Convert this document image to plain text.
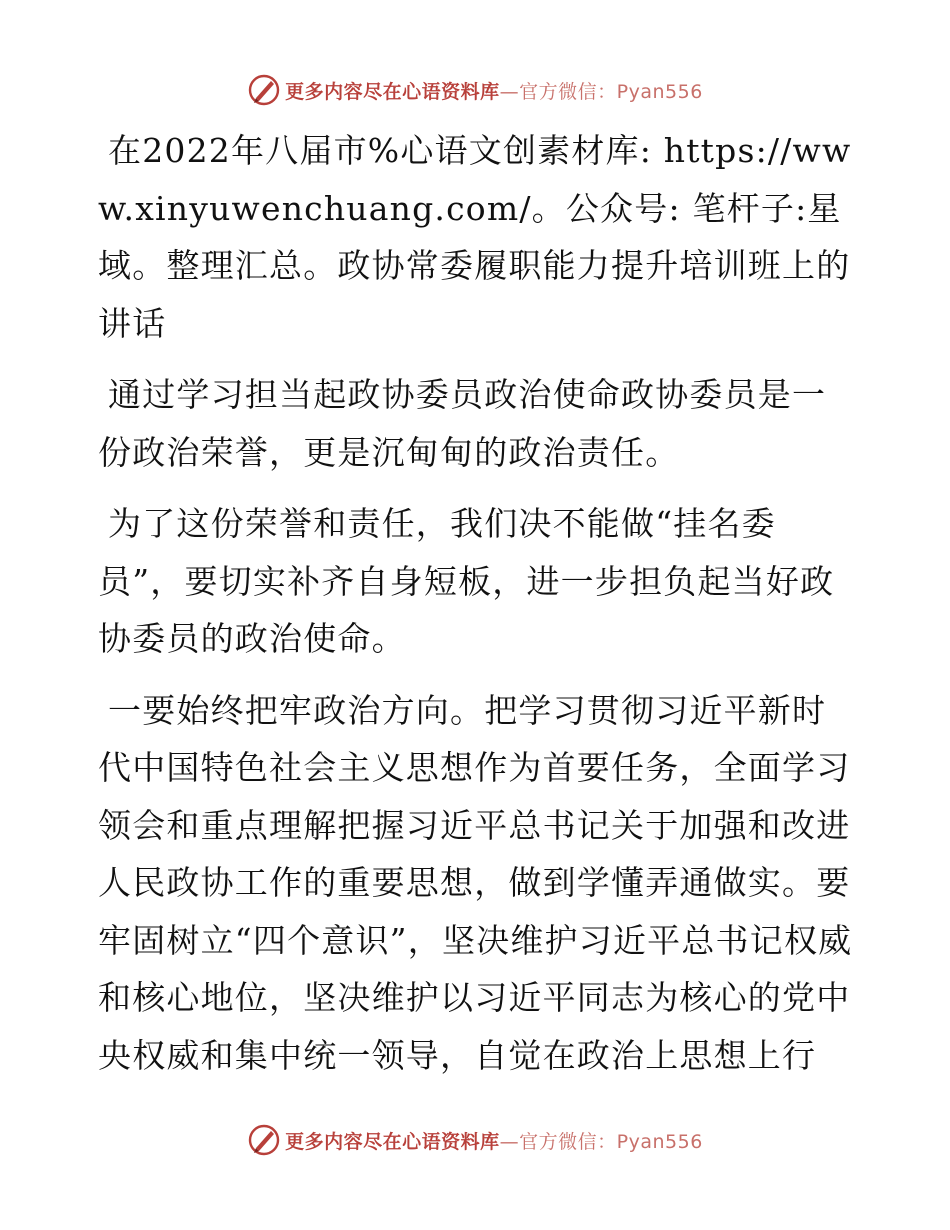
更多内容尽在心语资料库—官方微信：Pyan556

在2022年八届市%心语文创素材库: https://www.xinyuwenchuang.com/。公众号: 笔杆子:星域。整理汇总。政协常委履职能力提升培训班上的讲话

通过学习担当起政协委员政治使命政协委员是一份政治荣誉，更是沉甸甸的政治责任。

为了这份荣誉和责任，我们决不能做“挂名委员”，要切实补齐自身短板，进一步担负起当好政协委员的政治使命。

一要始终把牢政治方向。把学习贯彻习近平新时代中国特色社会主义思想作为首要任务，全面学习领会和重点理解把握习近平总书记关于加强和改进人民政协工作的重要思想，做到学懂弄通做实。要牢固树立“四个意识”，坚决维护习近平总书记权威和核心地位，坚决维护以习近平同志为核心的党中央权威和集中统一领导，自觉在政治上思想上行

更多内容尽在心语资料库—官方微信：Pyan556
